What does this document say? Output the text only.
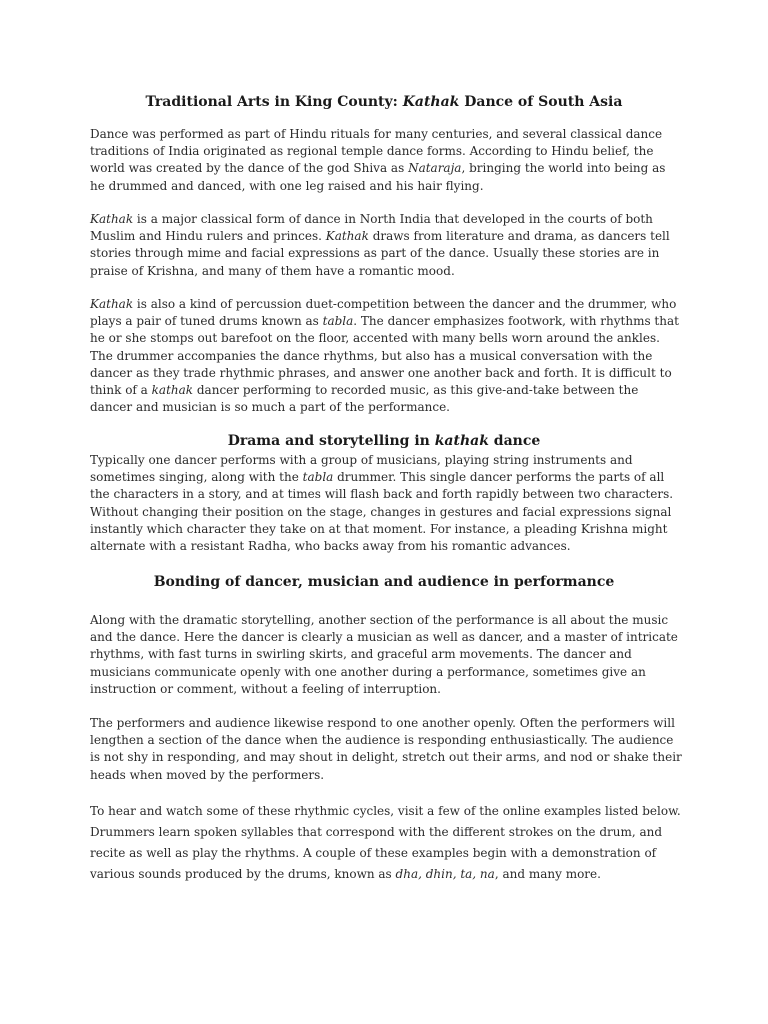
Traditional Arts in King County: Kathak Dance of South Asia

Dance was performed as part of Hindu rituals for many centuries, and several classical dance traditions of India originated as regional temple dance forms. According to Hindu belief, the world was created by the dance of the god Shiva as Nataraja, bringing the world into being as he drummed and danced, with one leg raised and his hair flying.

Kathak is a major classical form of dance in North India that developed in the courts of both Muslim and Hindu rulers and princes. Kathak draws from literature and drama, as dancers tell stories through mime and facial expressions as part of the dance. Usually these stories are in praise of Krishna, and many of them have a romantic mood.

Kathak is also a kind of percussion duet-competition between the dancer and the drummer, who plays a pair of tuned drums known as tabla. The dancer emphasizes footwork, with rhythms that he or she stomps out barefoot on the floor, accented with many bells worn around the ankles. The drummer accompanies the dance rhythms, but also has a musical conversation with the dancer as they trade rhythmic phrases, and answer one another back and forth. It is difficult to think of a kathak dancer performing to recorded music, as this give-and-take between the dancer and musician is so much a part of the performance.

Drama and storytelling in kathak dance

Typically one dancer performs with a group of musicians, playing string instruments and sometimes singing, along with the tabla drummer. This single dancer performs the parts of all the characters in a story, and at times will flash back and forth rapidly between two characters. Without changing their position on the stage, changes in gestures and facial expressions signal instantly which character they take on at that moment. For instance, a pleading Krishna might alternate with a resistant Radha, who backs away from his romantic advances.

Bonding of dancer, musician and audience in performance

Along with the dramatic storytelling, another section of the performance is all about the music and the dance. Here the dancer is clearly a musician as well as dancer, and a master of intricate rhythms, with fast turns in swirling skirts, and graceful arm movements. The dancer and musicians communicate openly with one another during a performance, sometimes give an instruction or comment, without a feeling of interruption.

The performers and audience likewise respond to one another openly. Often the performers will lengthen a section of the dance when the audience is responding enthusiastically. The audience is not shy in responding, and may shout in delight, stretch out their arms, and nod or shake their heads when moved by the performers.

To hear and watch some of these rhythmic cycles, visit a few of the online examples listed below. Drummers learn spoken syllables that correspond with the different strokes on the drum, and recite as well as play the rhythms. A couple of these examples begin with a demonstration of various sounds produced by the drums, known as dha, dhin, ta, na, and many more.
